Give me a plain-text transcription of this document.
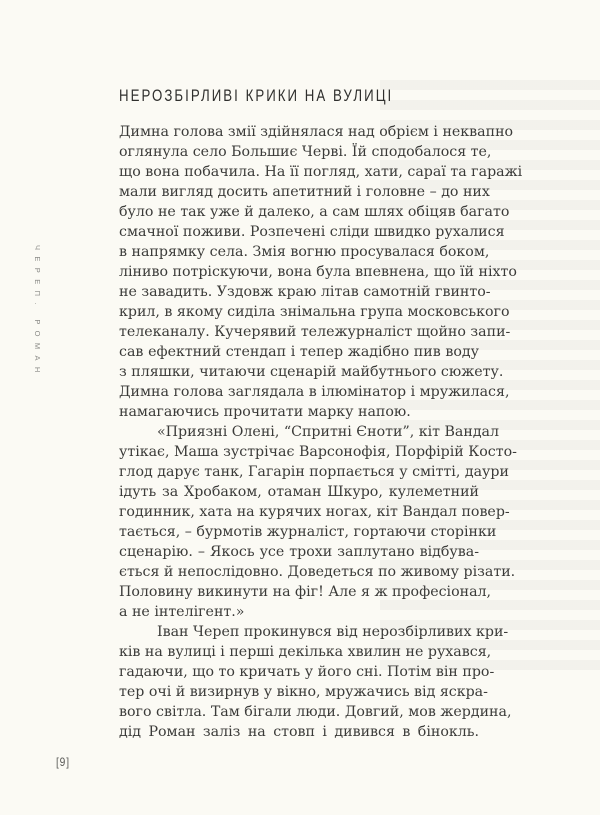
ЧЕРЕП. РОМАН
НЕРОЗБІРЛИВІ КРИКИ НА ВУЛИЦІ
Димна голова змії здійнялася над обрієм і неквапно
оглянула село Большиє Черві. Їй сподобалося те,
що вона побачила. На її погляд, хати, сараї та гаражі
мали вигляд досить апетитний і головне – до них
було не так уже й далеко, а сам шлях обіцяв багато
смачної поживи. Розпечені сліди швидко рухалися
в напрямку села. Змія вогню просувалася боком,
ліниво потріскуючи, вона була впевнена, що їй ніхто
не завадить. Уздовж краю літав самотній гвинто-
крил, в якому сиділа знімальна група московського
телеканалу. Кучерявий тележурналіст щойно запи-
сав ефектний стендап і тепер жадібно пив воду
з пляшки, читаючи сценарій майбутнього сюжету.
Димна голова заглядала в ілюмінатор і мружилася,
намагаючись прочитати марку напою.
«Приязні Олені, “Спритні Єноти”, кіт Вандал
утікає, Маша зустрічає Варсонофія, Порфірій Косто-
глод дарує танк, Гагарін порпається у смітті, даури
ідуть за Хробаком, отаман Шкуро, кулеметний
годинник, хата на курячих ногах, кіт Вандал повер-
тається, – бурмотів журналіст, гортаючи сторінки
сценарію. – Якось усе трохи заплутано відбува-
ється й непослідовно. Доведеться по живому різати.
Половину викинути на фіг! Але я ж професіонал,
а не інтелігент.»
Іван Череп прокинувся від нерозбірливих кри-
ків на вулиці і перші декілька хвилин не рухався,
гадаючи, що то кричать у його сні. Потім він про-
тер очі й визирнув у вікно, мружачись від яскра-
вого світла. Там бігали люди. Довгий, мов жердина,
дід Роман заліз на стовп і дивився в бінокль.
[9]
